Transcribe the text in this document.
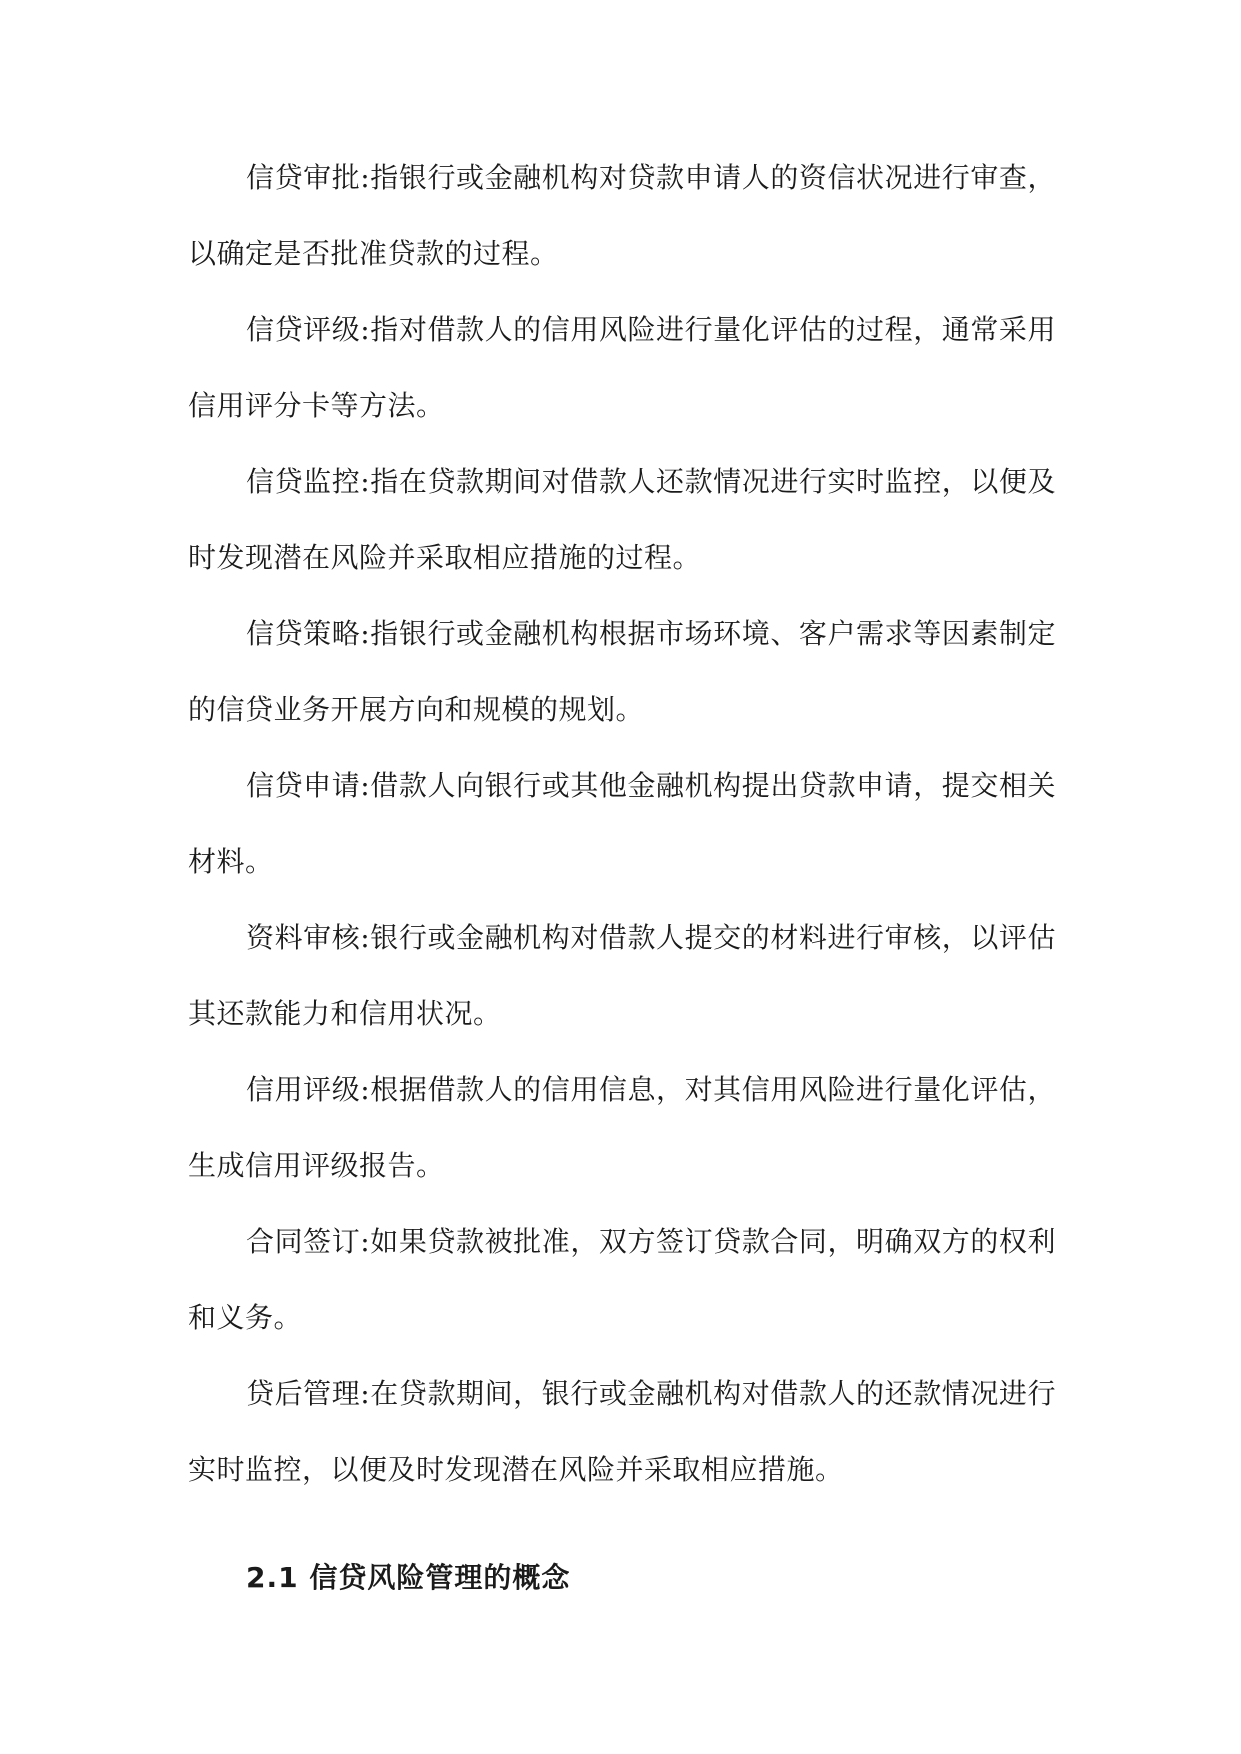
信贷审批:指银行或金融机构对贷款申请人的资信状况进行审查，以确定是否批准贷款的过程。

信贷评级:指对借款人的信用风险进行量化评估的过程，通常采用信用评分卡等方法。

信贷监控:指在贷款期间对借款人还款情况进行实时监控，以便及时发现潜在风险并采取相应措施的过程。

信贷策略:指银行或金融机构根据市场环境、客户需求等因素制定的信贷业务开展方向和规模的规划。

信贷申请:借款人向银行或其他金融机构提出贷款申请，提交相关材料。

资料审核:银行或金融机构对借款人提交的材料进行审核，以评估其还款能力和信用状况。

信用评级:根据借款人的信用信息，对其信用风险进行量化评估，生成信用评级报告。

合同签订:如果贷款被批准，双方签订贷款合同，明确双方的权利和义务。

贷后管理:在贷款期间，银行或金融机构对借款人的还款情况进行实时监控，以便及时发现潜在风险并采取相应措施。

2.1 信贷风险管理的概念
